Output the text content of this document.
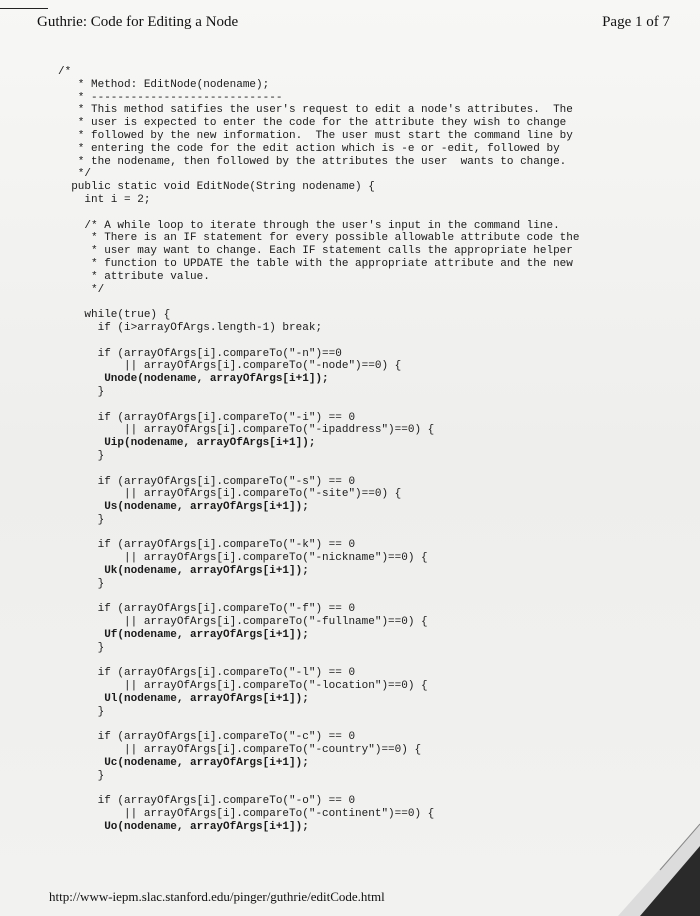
Guthrie: Code for Editing a Node	Page 1 of 7
/*
* Method: EditNode(nodename);
* -----------------------------
* This method satifies the user's request to edit a node's attributes.  The
* user is expected to enter the code for the attribute they wish to change
* followed by the new information.  The user must start the command line by
* entering the code for the edit action which is -e or -edit, followed by
* the nodename, then followed by the attributes the user  wants to change.
*/
public static void EditNode(String nodename) {
int i = 2;

/* A while loop to iterate through the user's input in the command line.
* There is an IF statement for every possible allowable attribute code the
* user may want to change. Each IF statement calls the appropriate helper
* function to UPDATE the table with the appropriate attribute and the new
* attribute value.
*/

while(true) {
if (i>arrayOfArgs.length-1) break;

if (arrayOfArgs[i].compareTo("-n")==0
|| arrayOfArgs[i].compareTo("-node")==0) {
Unode(nodename, arrayOfArgs[i+1]);
}

if (arrayOfArgs[i].compareTo("-i") == 0
|| arrayOfArgs[i].compareTo("-ipaddress")==0) {
Uip(nodename, arrayOfArgs[i+1]);
}

if (arrayOfArgs[i].compareTo("-s") == 0
|| arrayOfArgs[i].compareTo("-site")==0) {
Us(nodename, arrayOfArgs[i+1]);
}

if (arrayOfArgs[i].compareTo("-k") == 0
|| arrayOfArgs[i].compareTo("-nickname")==0) {
Uk(nodename, arrayOfArgs[i+1]);
}

if (arrayOfArgs[i].compareTo("-f") == 0
|| arrayOfArgs[i].compareTo("-fullname")==0) {
Uf(nodename, arrayOfArgs[i+1]);
}

if (arrayOfArgs[i].compareTo("-l") == 0
|| arrayOfArgs[i].compareTo("-location")==0) {
Ul(nodename, arrayOfArgs[i+1]);
}

if (arrayOfArgs[i].compareTo("-c") == 0
|| arrayOfArgs[i].compareTo("-country")==0) {
Uc(nodename, arrayOfArgs[i+1]);
}

if (arrayOfArgs[i].compareTo("-o") == 0
|| arrayOfArgs[i].compareTo("-continent")==0) {
Uo(nodename, arrayOfArgs[i+1]);
http://www-iepm.slac.stanford.edu/pinger/guthrie/editCode.html
